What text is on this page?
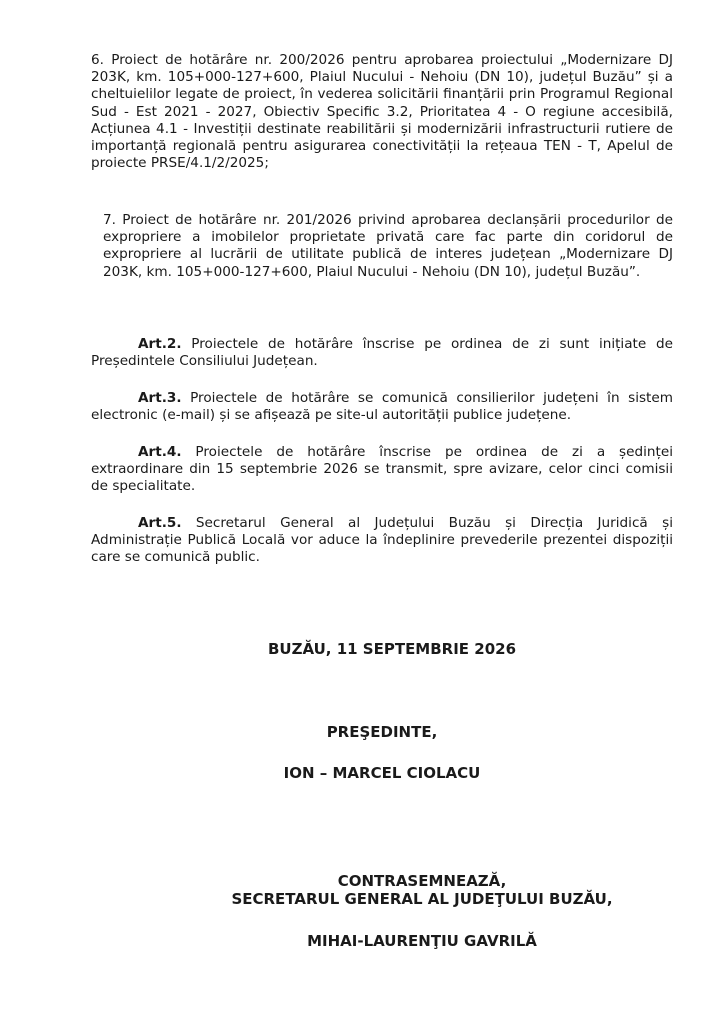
6. Proiect de hotărâre nr. 200/2026 pentru aprobarea proiectului „Modernizare DJ 203K, km. 105+000-127+600, Plaiul Nucului - Nehoiu (DN 10), județul Buzău” și a cheltuielilor legate de proiect, în vederea solicitării finanțării prin Programul Regional Sud - Est 2021 - 2027, Obiectiv Specific 3.2, Prioritatea 4 - O regiune accesibilă, Acțiunea 4.1 - Investiții destinate reabilitării și modernizării infrastructurii rutiere de importanță regională pentru asigurarea conectivității la rețeaua TEN - T, Apelul de proiecte PRSE/4.1/2/2025;

7. Proiect de hotărâre nr. 201/2026 privind aprobarea declanșării procedurilor de expropriere a imobilelor proprietate privată care fac parte din coridorul de expropriere al lucrării de utilitate publică de interes județean „Modernizare DJ 203K, km. 105+000-127+600, Plaiul Nucului - Nehoiu (DN 10), județul Buzău”.

Art.2. Proiectele de hotărâre înscrise pe ordinea de zi sunt inițiate de Președintele Consiliului Județean.

Art.3. Proiectele de hotărâre se comunică consilierilor județeni în sistem electronic (e-mail) și se afișează pe site-ul autorității publice județene.

Art.4. Proiectele de hotărâre înscrise pe ordinea de zi a ședinței extraordinare din 15 septembrie 2026 se transmit, spre avizare, celor cinci comisii de specialitate.

Art.5. Secretarul General al Județului Buzău și Direcția Juridică și Administrație Publică Locală vor aduce la îndeplinire prevederile prezentei dispoziții care se comunică public.

BUZĂU, 11 SEPTEMBRIE 2026

PREŞEDINTE,

ION – MARCEL CIOLACU

CONTRASEMNEAZĂ,

SECRETARUL GENERAL AL JUDEŢULUI BUZĂU,

MIHAI-LAURENŢIU GAVRILĂ
